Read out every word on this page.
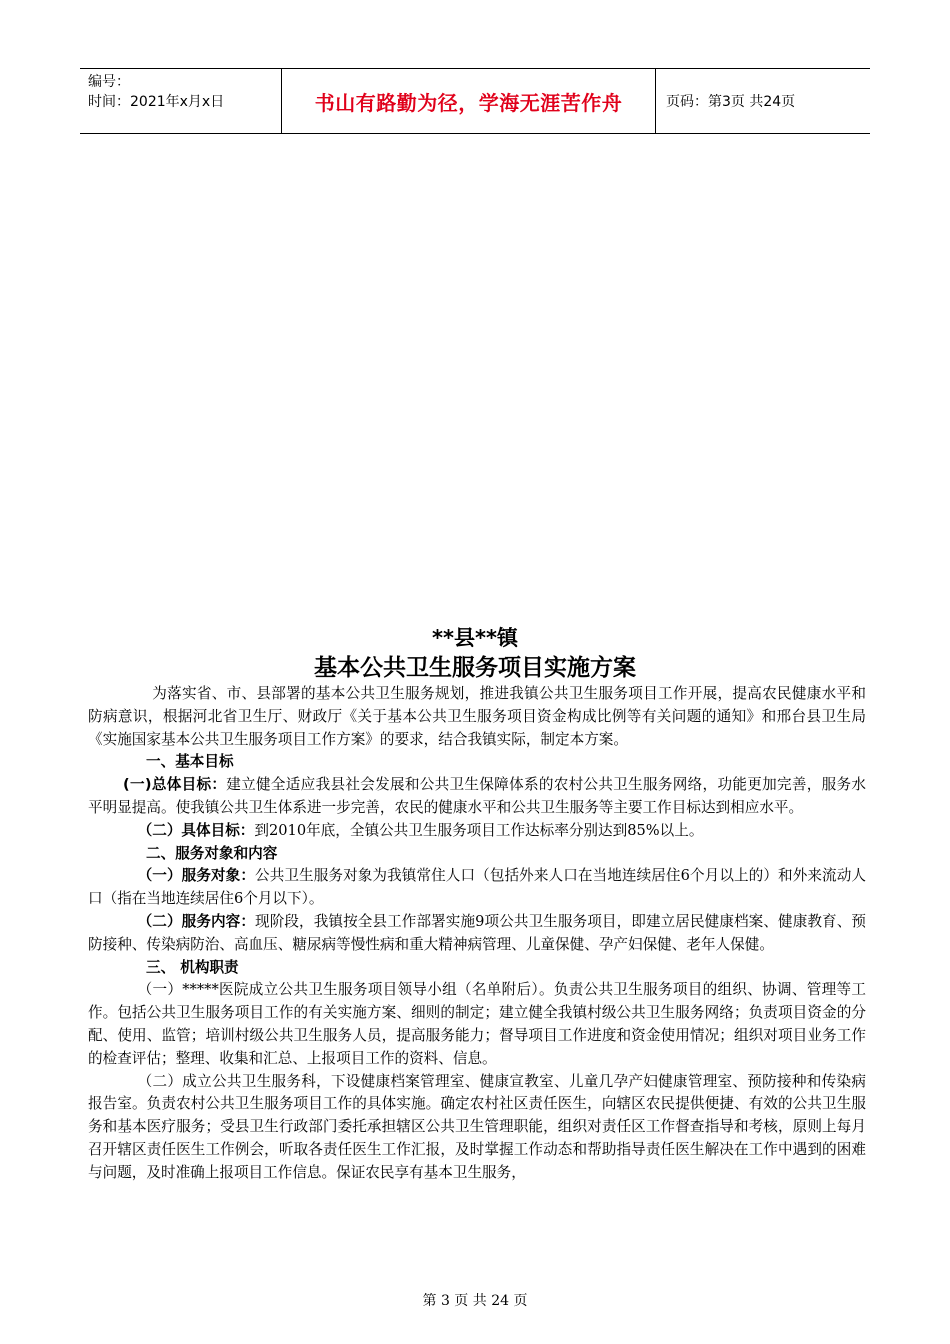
编号：
时间：2021年x月x日	书山有路勤为径，学海无涯苦作舟	页码：第3页 共24页
**县**镇
基本公共卫生服务项目实施方案

为落实省、市、县部署的基本公共卫生服务规划，推进我镇公共卫生服务项目工作开展，提高农民健康水平和防病意识，根据河北省卫生厅、财政厅《关于基本公共卫生服务项目资金构成比例等有关问题的通知》和邢台县卫生局《实施国家基本公共卫生服务项目工作方案》的要求，结合我镇实际，制定本方案。

一、基本目标

(一)总体目标：建立健全适应我县社会发展和公共卫生保障体系的农村公共卫生服务网络，功能更加完善，服务水平明显提高。使我镇公共卫生体系进一步完善，农民的健康水平和公共卫生服务等主要工作目标达到相应水平。

（二）具体目标：到2010年底，全镇公共卫生服务项目工作达标率分别达到85%以上。

二、服务对象和内容

（一）服务对象：公共卫生服务对象为我镇常住人口（包括外来人口在当地连续居住6个月以上的）和外来流动人口（指在当地连续居住6个月以下）。

（二）服务内容：现阶段，我镇按全县工作部署实施9项公共卫生服务项目，即建立居民健康档案、健康教育、预防接种、传染病防治、高血压、糖尿病等慢性病和重大精神病管理、儿童保健、孕产妇保健、老年人保健。

三、 机构职责

（一）*****医院成立公共卫生服务项目领导小组（名单附后）。负责公共卫生服务项目的组织、协调、管理等工作。包括公共卫生服务项目工作的有关实施方案、细则的制定；建立健全我镇村级公共卫生服务网络；负责项目资金的分配、使用、监管；培训村级公共卫生服务人员，提高服务能力；督导项目工作进度和资金使用情况；组织对项目业务工作的检查评估；整理、收集和汇总、上报项目工作的资料、信息。

（二）成立公共卫生服务科，下设健康档案管理室、健康宣教室、儿童几孕产妇健康管理室、预防接种和传染病报告室。负责农村公共卫生服务项目工作的具体实施。确定农村社区责任医生，向辖区农民提供便捷、有效的公共卫生服务和基本医疗服务；受县卫生行政部门委托承担辖区公共卫生管理职能，组织对责任区工作督查指导和考核，原则上每月召开辖区责任医生工作例会，听取各责任医生工作汇报，及时掌握工作动态和帮助指导责任医生解决在工作中遇到的困难与问题，及时准确上报项目工作信息。保证农民享有基本卫生服务，

第 3 页 共 24 页
